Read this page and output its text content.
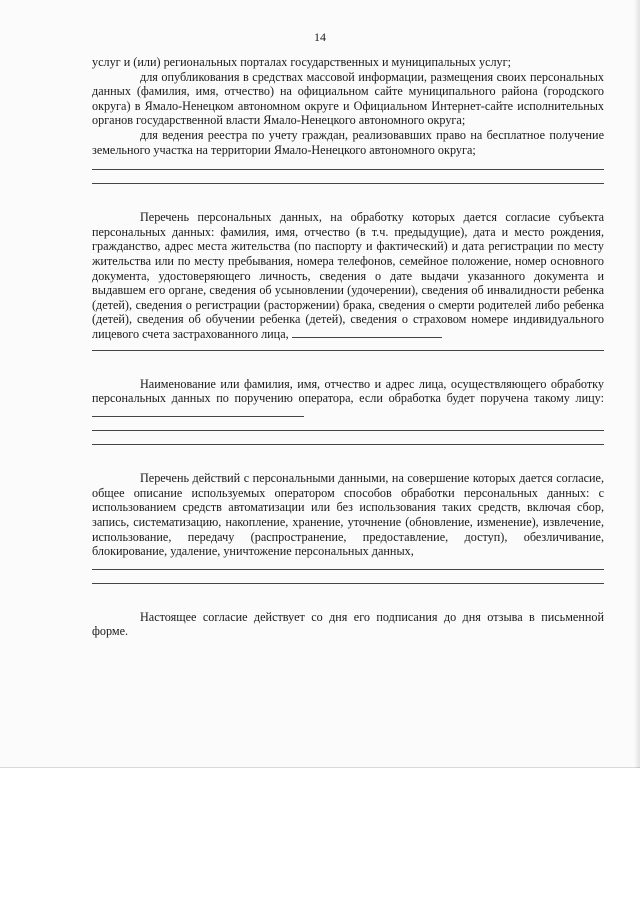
14

услуг и (или) региональных порталах государственных и муниципальных услуг;

для опубликования в средствах массовой информации, размещения своих персональных данных (фамилия, имя, отчество) на официальном сайте муниципального района (городского округа) в Ямало-Ненецком автономном округе и Официальном Интернет-сайте исполнительных органов государственной власти Ямало-Ненецкого автономного округа;

для ведения реестра по учету граждан, реализовавших право на бесплатное получение земельного участка на территории Ямало-Ненецкого автономного округа;

Перечень персональных данных, на обработку которых дается согласие субъекта персональных данных: фамилия, имя, отчество (в т.ч. предыдущие), дата и место рождения, гражданство, адрес места жительства (по паспорту и фактический) и дата регистрации по месту жительства или по месту пребывания, номера телефонов, семейное положение, номер основного документа, удостоверяющего личность, сведения о дате выдачи указанного документа и выдавшем его органе, сведения об усыновлении (удочерении), сведения об инвалидности ребенка (детей), сведения о регистрации (расторжении) брака, сведения о смерти родителей либо ребенка (детей), сведения об обучении ребенка (детей), сведения о страховом номере индивидуального лицевого счета застрахованного лица,

Наименование или фамилия, имя, отчество и адрес лица, осуществляющего обработку персональных данных по поручению оператора, если обработка будет поручена такому лицу:

Перечень действий с персональными данными, на совершение которых дается согласие, общее описание используемых оператором способов обработки персональных данных: с использованием средств автоматизации или без использования таких средств, включая сбор, запись, систематизацию, накопление, хранение, уточнение (обновление, изменение), извлечение, использование, передачу (распространение, предоставление, доступ), обезличивание, блокирование, удаление, уничтожение персональных данных,

Настоящее согласие действует со дня его подписания до дня отзыва в письменной форме.
